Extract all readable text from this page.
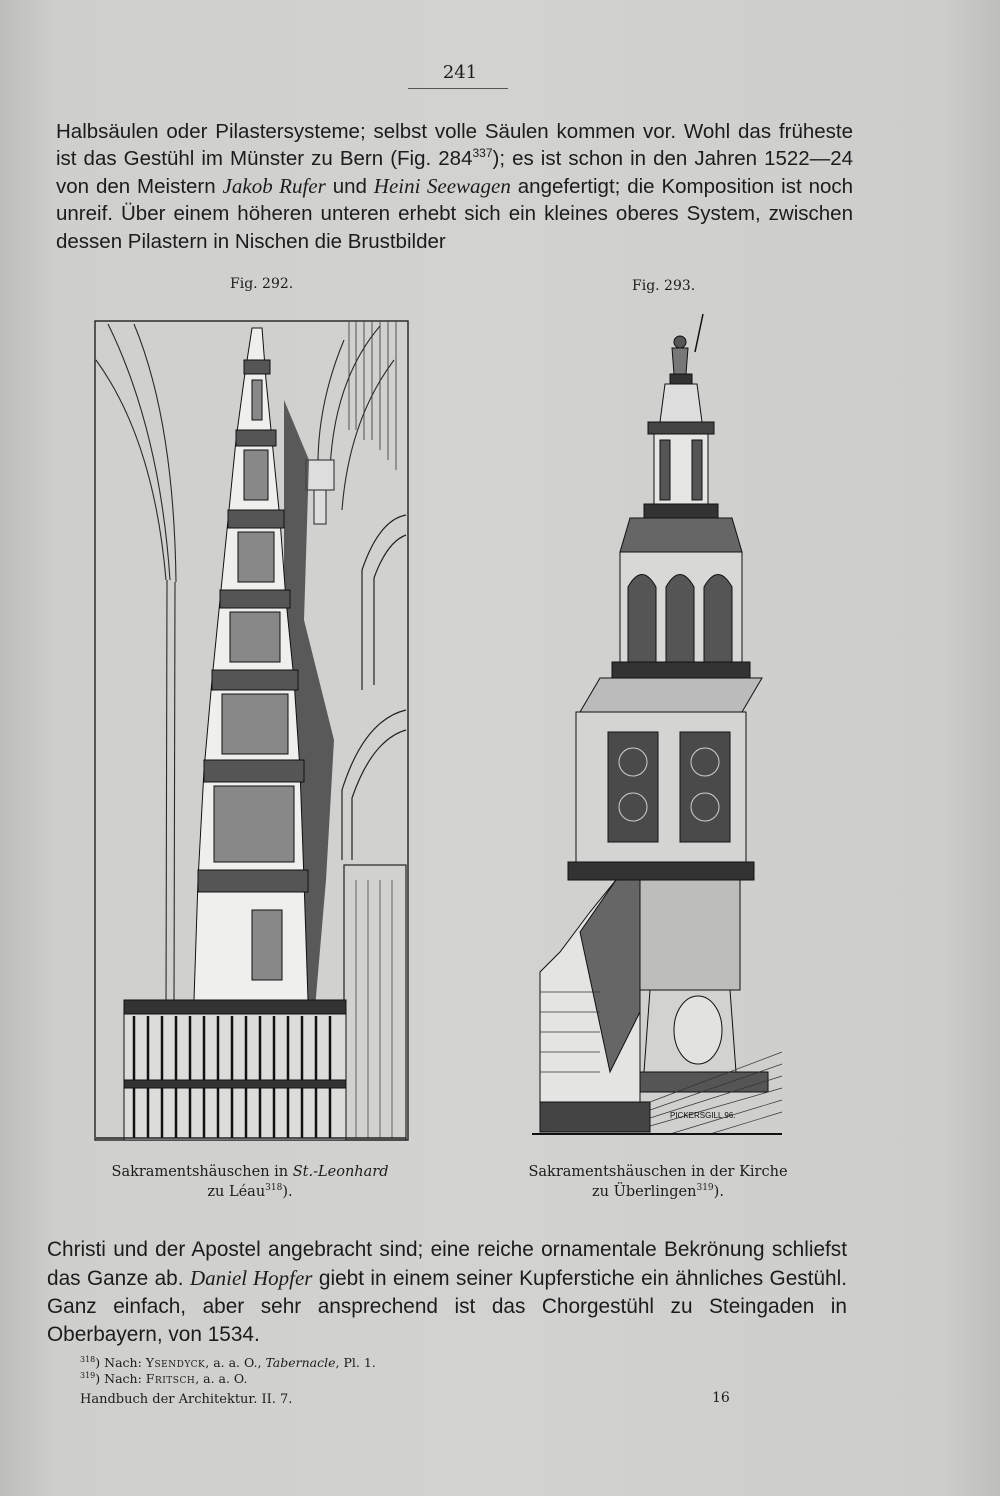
241

Halbsäulen oder Pilastersysteme; selbst volle Säulen kommen vor. Wohl das früheste ist das Gestühl im Münster zu Bern (Fig. $284^{337}$); es ist schon in den Jahren 1522—24 von den Meistern Jakob Rufer und Heini Seewagen angefertigt; die Komposition ist noch unreif. Über einem höheren unteren erhebt sich ein kleines oberes System, zwischen dessen Pilastern in Nischen die Brustbilder

Fig. 292.	Fig. 293.
PICKERSGILL 96.
Sakramentshäuschen in St.-Leonhard
zu Léau$^{318}$).
Sakramentshäuschen in der Kirche
zu Überlingen$^{319}$).

Christi und der Apostel angebracht sind; eine reiche ornamentale Bekrönung schliefst das Ganze ab. Daniel Hopfer giebt in einem seiner Kupferstiche ein ähnliches Gestühl. Ganz einfach, aber sehr ansprechend ist das Chorgestühl zu Steingaden in Oberbayern, von 1534.

$^{318}$) Nach: Ysendyck, a. a. O., Tabernacle, Pl. 1.

$^{319}$) Nach: Fritsch, a. a. O.

Handbuch der Architektur. II. 7.	16
